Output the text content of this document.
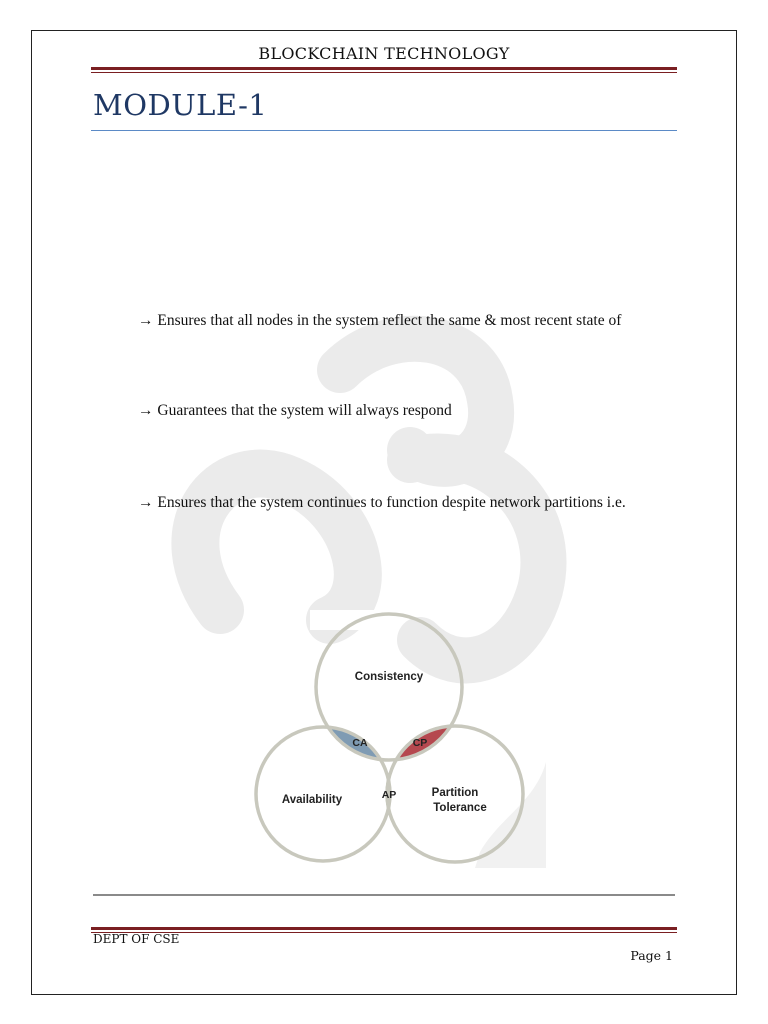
BLOCKCHAIN TECHNOLOGY
MODULE-1
→ Ensures that all nodes in the system reflect the same & most recent state of
→ Guarantees that the system will always respond
→ Ensures that the system continues to function despite network partitions i.e.
Consistency
Availability
Partition
Tolerance
CA	CP
AP
DEPT OF CSE
Page 1
